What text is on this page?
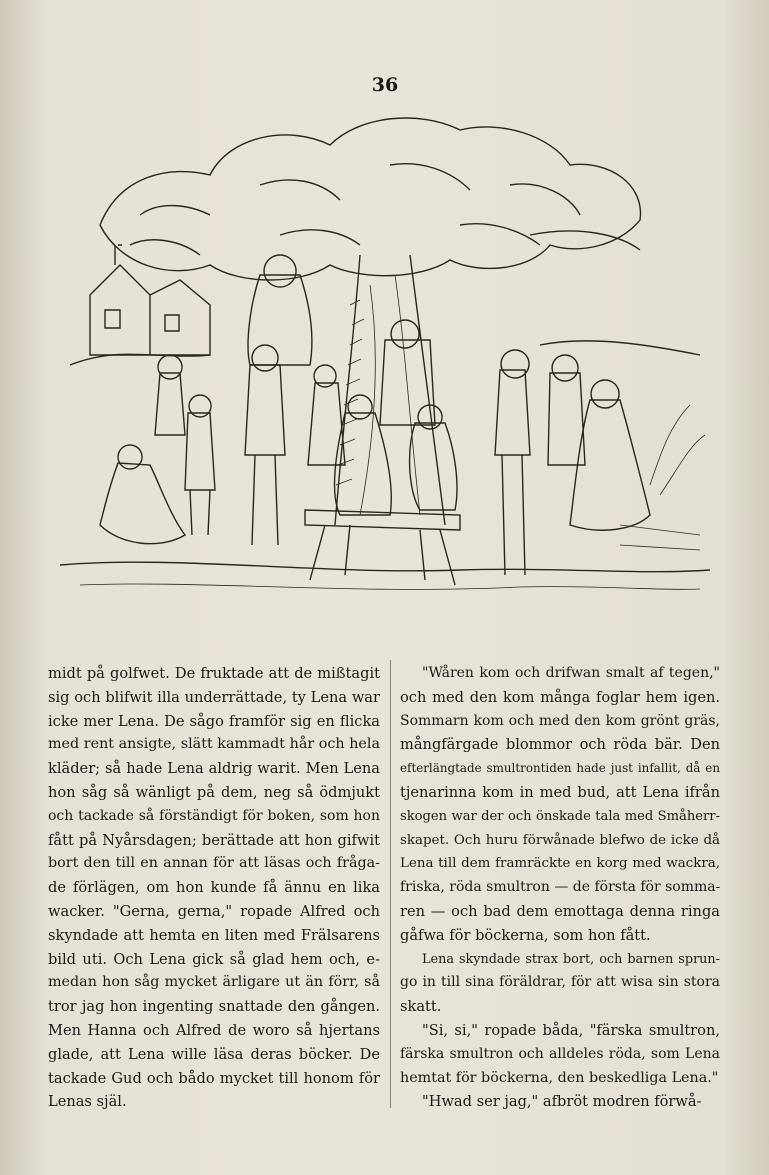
36
midt på golfwet. De fruktade att de mißtagit
sig och blifwit illa underrättade, ty Lena war
icke mer Lena. De sågo framför sig en flicka
med rent ansigte, slätt kammadt hår och hela
kläder; så hade Lena aldrig warit. Men Lena
hon såg så wänligt på dem, neg så ödmjukt
och tackade så förständigt för boken, som hon
fått på Nyårsdagen; berättade att hon gifwit
bort den till en annan för att läsas och fråga-
de förlägen, om hon kunde få ännu en lika
wacker. "Gerna, gerna," ropade Alfred och
skyndade att hemta en liten med Frälsarens
bild uti. Och Lena gick så glad hem och, e-
medan hon såg mycket ärligare ut än förr, så
tror jag hon ingenting snattade den gången.
Men Hanna och Alfred de woro så hjertans
glade, att Lena wille läsa deras böcker. De
tackade Gud och bådo mycket till honom för
Lenas själ.
"Wåren kom och drifwan smalt af tegen,"
och med den kom många foglar hem igen.
Sommarn kom och med den kom grönt gräs,
mångfärgade blommor och röda bär. Den
efterlängtade smultrontiden hade just infallit, då en
tjenarinna kom in med bud, att Lena ifrån
skogen war der och önskade tala med Småherr-
skapet. Och huru förwånade blefwo de icke då
Lena till dem framräckte en korg med wackra,
friska, röda smultron — de första för somma-
ren — och bad dem emottaga denna ringa
gåfwa för böckerna, som hon fått.
Lena skyndade strax bort, och barnen sprun-
go in till sina föräldrar, för att wisa sin stora
skatt.
"Si, si," ropade båda, "färska smultron,
färska smultron och alldeles röda, som Lena
hemtat för böckerna, den beskedliga Lena."
"Hwad ser jag," afbröt modren förwå-
